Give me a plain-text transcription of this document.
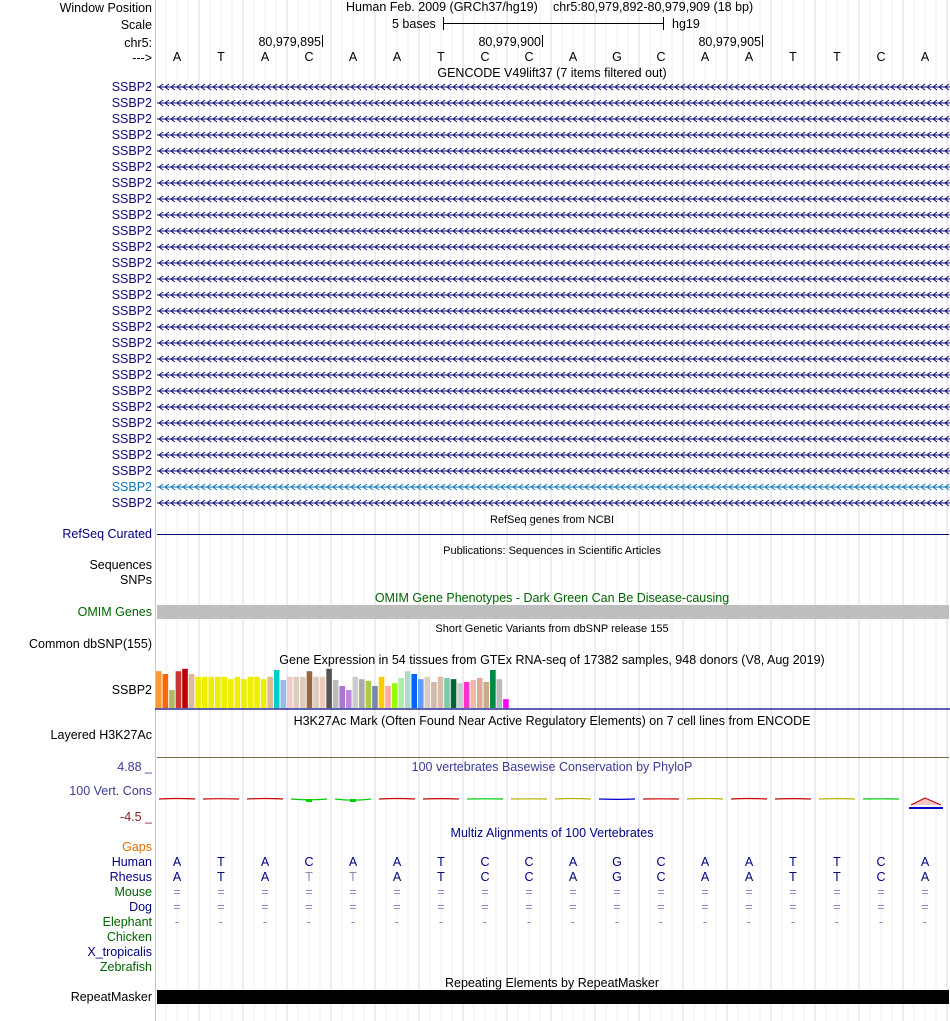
Window Position	Human Feb. 2009 (GRCh37/hg19) chr5:80,979,892-80,979,909 (18 bp)
Scale	5 bases	hg19
chr5:	80,979,895	80,979,900	80,979,905
---> A	T	A	C	A	A	T	C	C	A	G	C	A	A	T	T	C	A
GENCODE V49lift37 (7 items filtered out)
SSBP2
SSBP2
SSBP2
SSBP2
SSBP2
SSBP2
SSBP2
SSBP2
SSBP2
SSBP2
SSBP2
SSBP2
SSBP2
SSBP2
SSBP2
SSBP2
SSBP2
SSBP2
SSBP2
SSBP2
SSBP2
SSBP2
SSBP2
SSBP2
SSBP2
SSBP2
SSBP2
RefSeq genes from NCBI
RefSeq Curated
Publications: Sequences in Scientific Articles
Sequences
SNPs
OMIM Gene Phenotypes - Dark Green Can Be Disease-causing
OMIM Genes
Short Genetic Variants from dbSNP release 155
Common dbSNP(155)
Gene Expression in 54 tissues from GTEx RNA-seq of 17382 samples, 948 donors (V8, Aug 2019)
SSBP2
H3K27Ac Mark (Often Found Near Active Regulatory Elements) on 7 cell lines from ENCODE
Layered H3K27Ac
100 vertebrates Basewise Conservation by PhyloP
4.88 _
100 Vert. Cons
-4.5 _
Multiz Alignments of 100 Vertebrates
Gaps
Human A	T	A	C	A	A	T	C	C	A	G	C	A	A	T	T	C	A
Rhesus A	T	A	T	T	A	T	C	C	A	G	C	A	A	T	T	C	A
Mouse =	=	=	=	=	=	=	=	=	=	=	=	=	=	=	=	=	=
Dog =	=	=	=	=	=	=	=	=	=	=	=	=	=	=	=	=	=
Elephant -	-	-	-	-	-	-	-	-	-	-	-	-	-	-	-	-	-
Chicken
X_tropicalis
Zebrafish
Repeating Elements by RepeatMasker
RepeatMasker
